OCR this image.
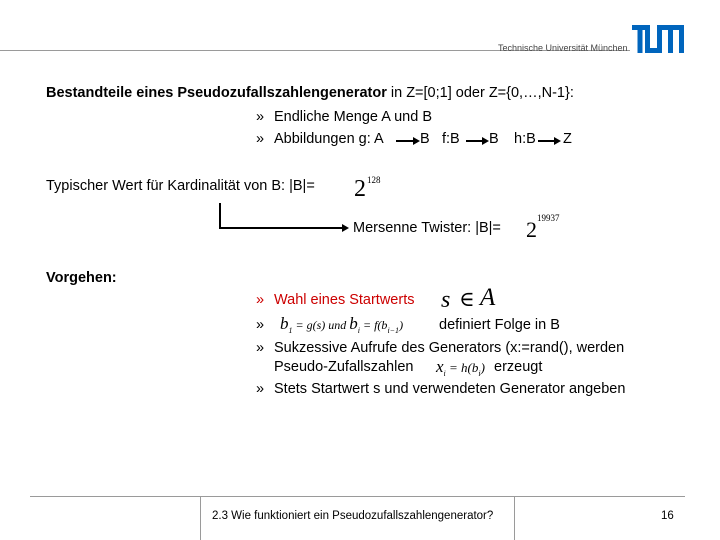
Technische Universität München
Bestandteile eines Pseudozufallszahlengenerator in Z=[0;1] oder Z={0,…,N-1}:
» Endliche Menge A und B
» Abbildungen g: A	B f:B B h:B Z
Typischer Wert für Kardinalität von B: |B|= 2 128
Mersenne Twister: |B|= 2 19937
Vorgehen:
» Wahl eines Startwerts s ∈ A
» $b_1 = g(s)$ und $b_i = f(b_{i-1})$ definiert Folge in B
» Sukzessive Aufrufe des Generators (x:=rand(), werden
Pseudo-Zufallszahlen $x_i = h(b_i)$ erzeugt
» Stets Startwert s und verwendeten Generator angeben
2.3 Wie funktioniert ein Pseudozufallszahlengenerator?	16
